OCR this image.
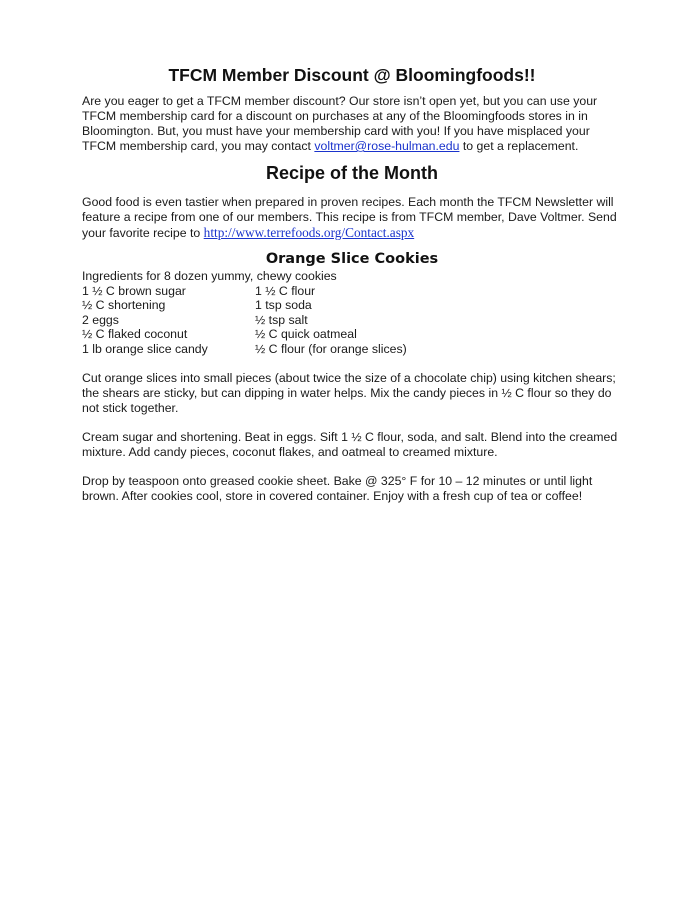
TFCM Member Discount @ Bloomingfoods!!

Are you eager to get a TFCM member discount? Our store isn’t open yet, but you can use your TFCM membership card for a discount on purchases at any of the Bloomingfoods stores in in Bloomington. But, you must have your membership card with you! If you have misplaced your TFCM membership card, you may contact voltmer@rose-hulman.edu to get a replacement.

Recipe of the Month

Good food is even tastier when prepared in proven recipes. Each month the TFCM Newsletter will feature a recipe from one of our members. This recipe is from TFCM member, Dave Voltmer. Send your favorite recipe to http://www.terrefoods.org/Contact.aspx

Orange Slice Cookies
Ingredients for 8 dozen yummy, chewy cookies
1 ½ C brown sugar	1 ½ C flour
½ C shortening	1 tsp soda
2 eggs	½ tsp salt
½ C flaked coconut	½ C quick oatmeal
1 lb orange slice candy	½ C flour (for orange slices)

Cut orange slices into small pieces (about twice the size of a chocolate chip) using kitchen shears; the shears are sticky, but can dipping in water helps. Mix the candy pieces in ½ C flour so they do not stick together.

Cream sugar and shortening. Beat in eggs. Sift 1 ½ C flour, soda, and salt. Blend into the creamed mixture. Add candy pieces, coconut flakes, and oatmeal to creamed mixture.

Drop by teaspoon onto greased cookie sheet. Bake @ 325° F for 10 – 12 minutes or until light brown. After cookies cool, store in covered container. Enjoy with a fresh cup of tea or coffee!
